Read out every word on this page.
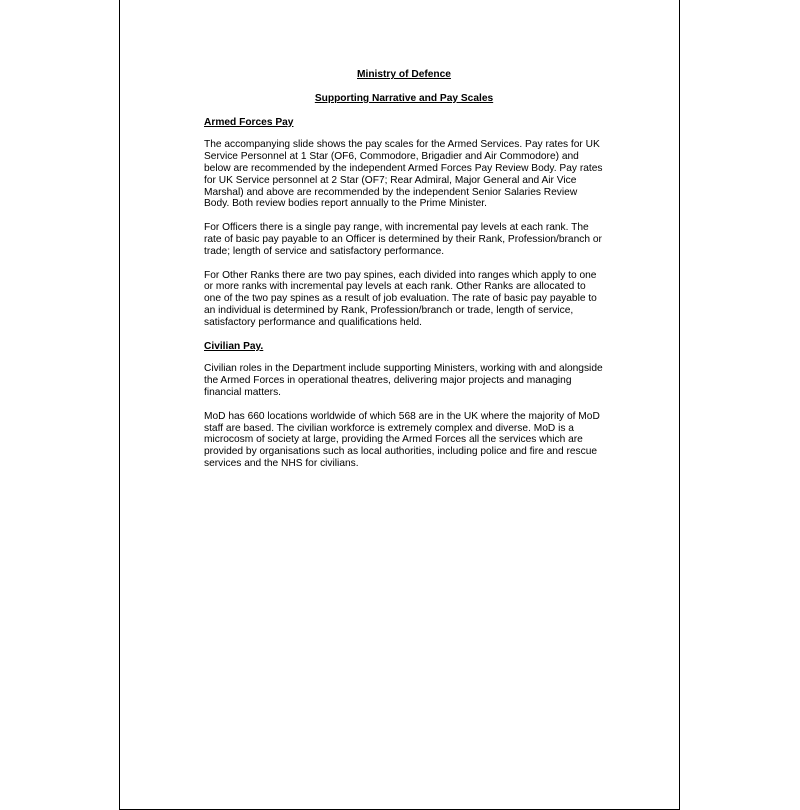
Ministry of Defence
Supporting Narrative and Pay Scales
Armed Forces Pay

The accompanying slide shows the pay scales for the Armed Services. Pay rates for UK Service Personnel at 1 Star (OF6, Commodore, Brigadier and Air Commodore) and below are recommended by the independent Armed Forces Pay Review Body. Pay rates for UK Service personnel at 2 Star (OF7; Rear Admiral, Major General and Air Vice Marshal) and above are recommended by the independent Senior Salaries Review Body. Both review bodies report annually to the Prime Minister.

For Officers there is a single pay range, with incremental pay levels at each rank. The rate of basic pay payable to an Officer is determined by their Rank, Profession/branch or trade; length of service and satisfactory performance.

For Other Ranks there are two pay spines, each divided into ranges which apply to one or more ranks with incremental pay levels at each rank. Other Ranks are allocated to one of the two pay spines as a result of job evaluation. The rate of basic pay payable to an individual is determined by Rank, Profession/branch or trade, length of service, satisfactory performance and qualifications held.

Civilian Pay.

Civilian roles in the Department include supporting Ministers, working with and alongside the Armed Forces in operational theatres, delivering major projects and managing financial matters.

MoD has 660 locations worldwide of which 568 are in the UK where the majority of MoD staff are based. The civilian workforce is extremely complex and diverse. MoD is a microcosm of society at large, providing the Armed Forces all the services which are provided by organisations such as local authorities, including police and fire and rescue services and the NHS for civilians.
